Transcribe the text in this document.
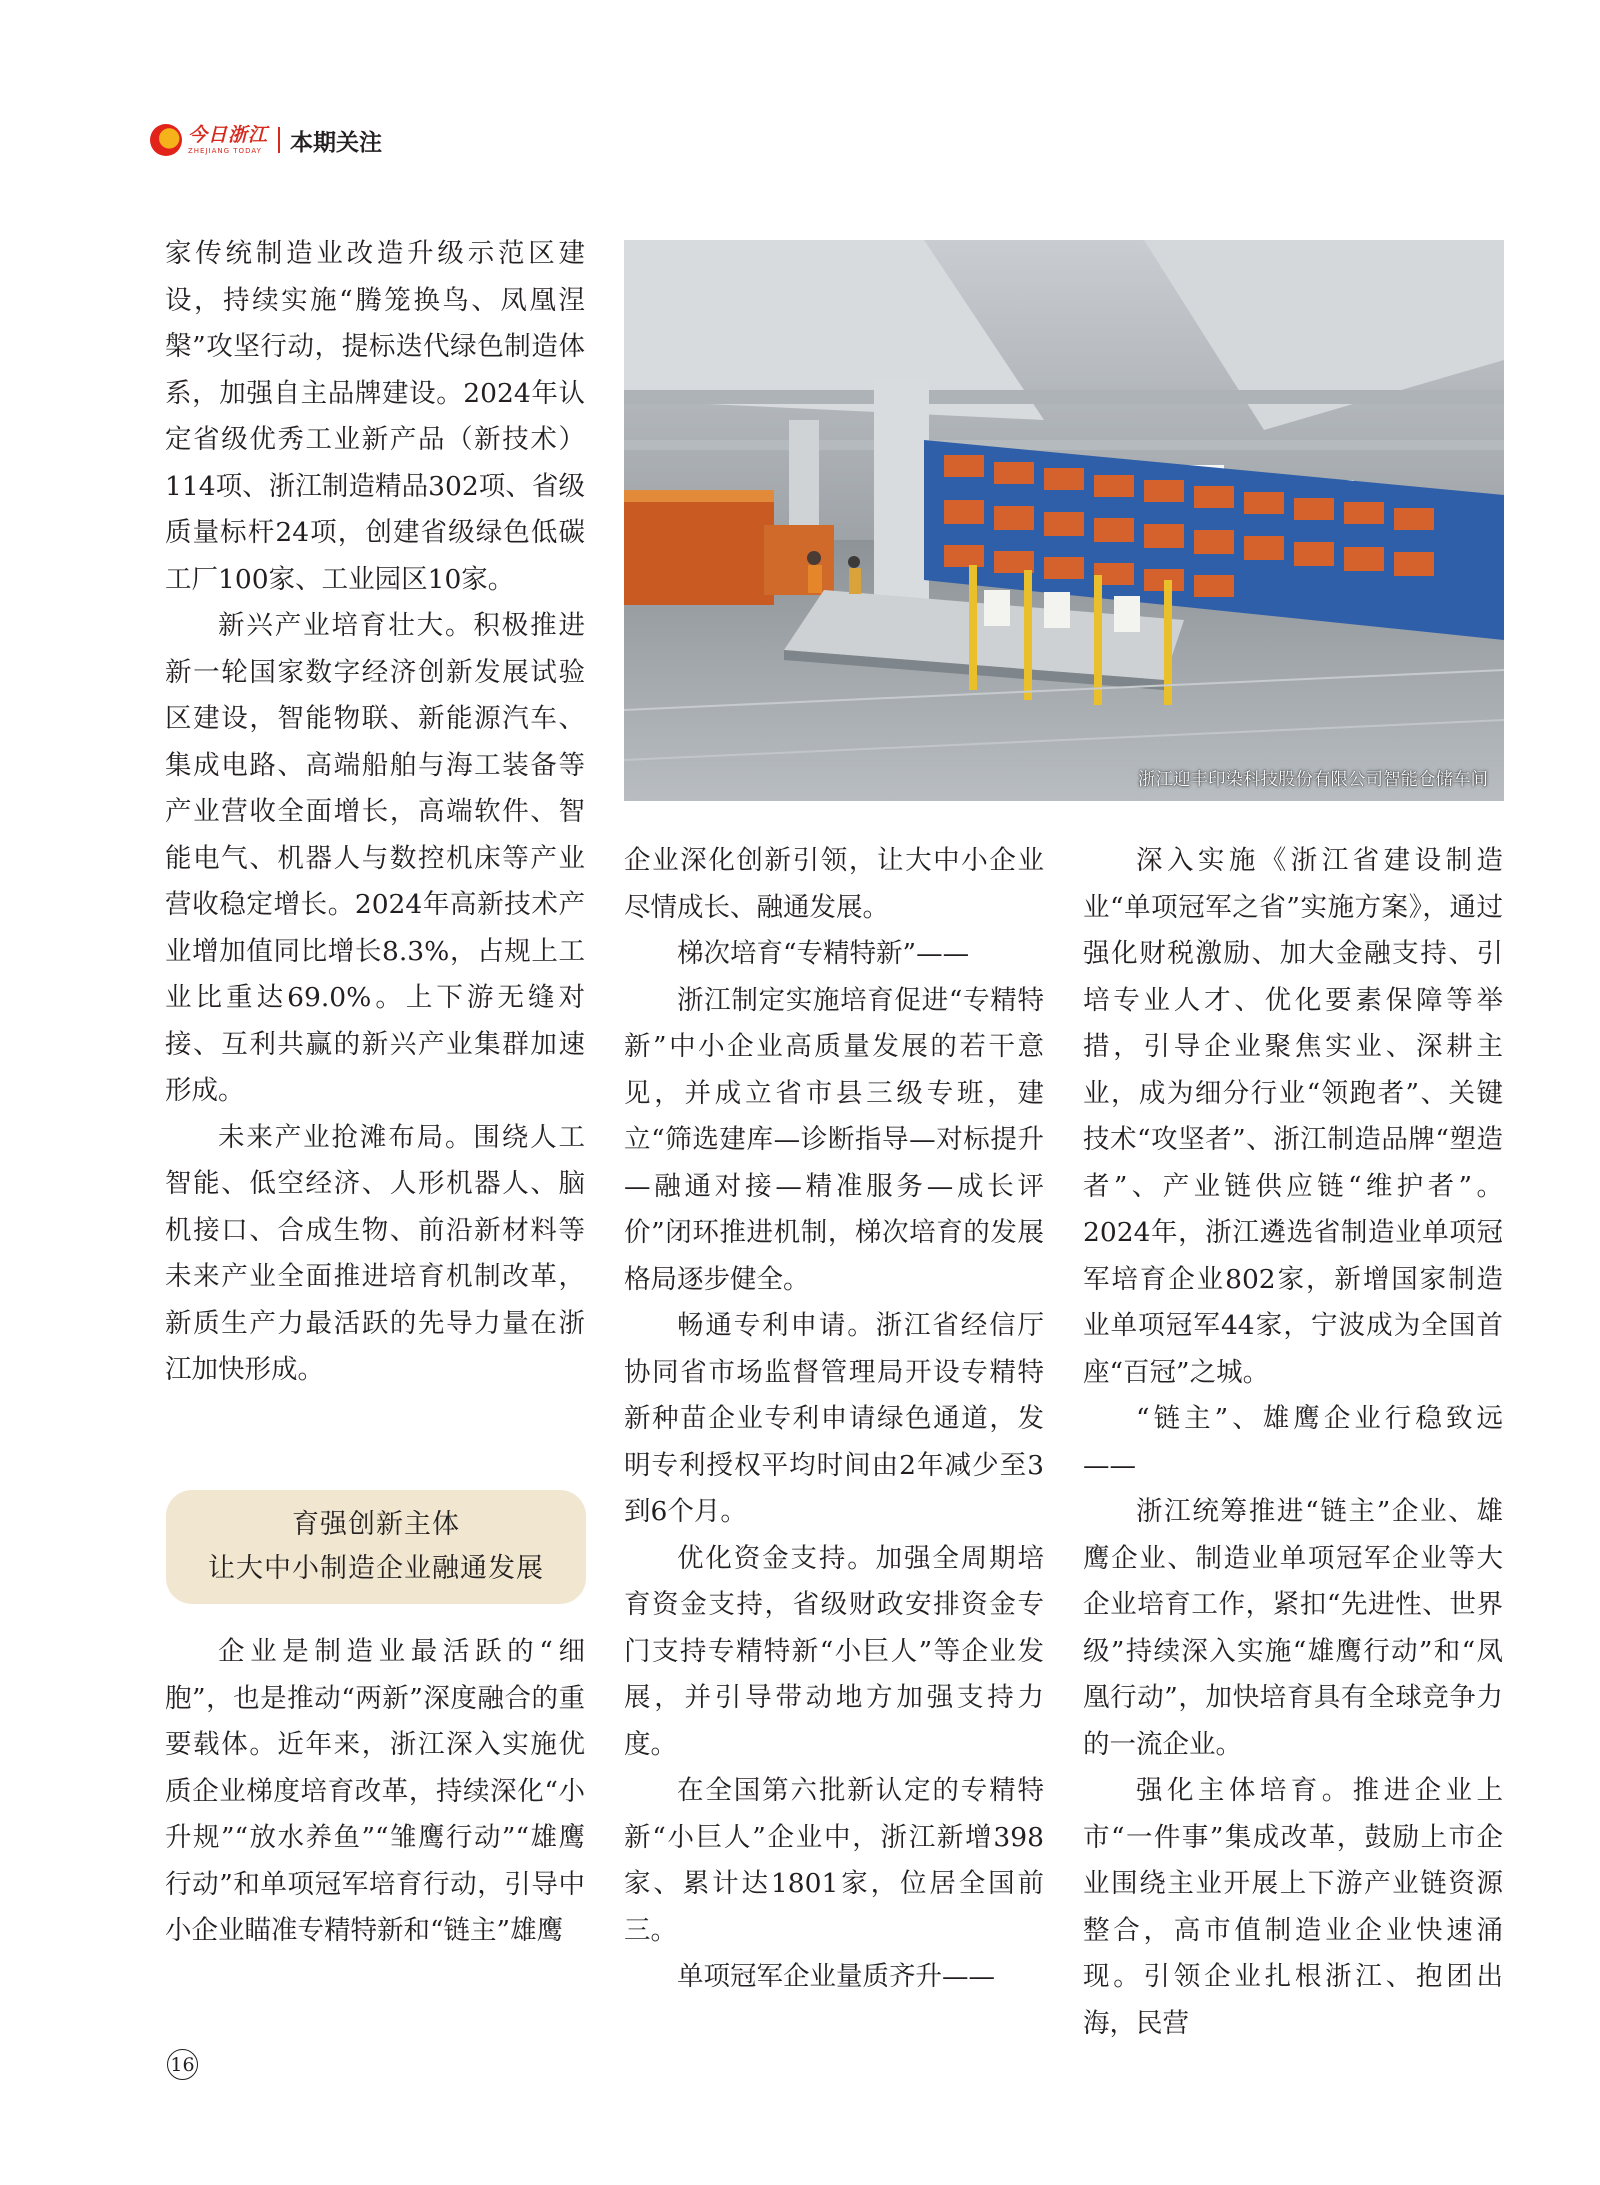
今日浙江
ZHEJIANG TODAY 本期关注

家传统制造业改造升级示范区建设，持续实施“腾笼换鸟、凤凰涅槃”攻坚行动，提标迭代绿色制造体系，加强自主品牌建设。2024年认定省级优秀工业新产品（新技术）114项、浙江制造精品302项、省级质量标杆24项，创建省级绿色低碳工厂100家、工业园区10家。

新兴产业培育壮大。积极推进新一轮国家数字经济创新发展试验区建设，智能物联、新能源汽车、集成电路、高端船舶与海工装备等产业营收全面增长，高端软件、智能电气、机器人与数控机床等产业营收稳定增长。2024年高新技术产业增加值同比增长8.3%，占规上工业比重达69.0%。上下游无缝对接、互利共赢的新兴产业集群加速形成。

未来产业抢滩布局。围绕人工智能、低空经济、人形机器人、脑机接口、合成生物、前沿新材料等未来产业全面推进培育机制改革，新质生产力最活跃的先导力量在浙江加快形成。

浙江迎丰印染科技股份有限公司智能仓储车间
育强创新主体
让大中小制造企业融通发展

企业是制造业最活跃的“细胞”，也是推动“两新”深度融合的重要载体。近年来，浙江深入实施优质企业梯度培育改革，持续深化“小升规”“放水养鱼”“雏鹰行动”“雄鹰行动”和单项冠军培育行动，引导中小企业瞄准专精特新和“链主”雄鹰

企业深化创新引领，让大中小企业尽情成长、融通发展。

梯次培育“专精特新”——

浙江制定实施培育促进“专精特新”中小企业高质量发展的若干意见，并成立省市县三级专班，建立“筛选建库—诊断指导—对标提升—融通对接—精准服务—成长评价”闭环推进机制，梯次培育的发展格局逐步健全。

畅通专利申请。浙江省经信厅协同省市场监督管理局开设专精特新种苗企业专利申请绿色通道，发明专利授权平均时间由2年减少至3到6个月。

优化资金支持。加强全周期培育资金支持，省级财政安排资金专门支持专精特新“小巨人”等企业发展，并引导带动地方加强支持力度。

在全国第六批新认定的专精特新“小巨人”企业中，浙江新增398家、累计达1801家，位居全国前三。

单项冠军企业量质齐升——

深入实施《浙江省建设制造业“单项冠军之省”实施方案》，通过强化财税激励、加大金融支持、引培专业人才、优化要素保障等举措，引导企业聚焦实业、深耕主业，成为细分行业“领跑者”、关键技术“攻坚者”、浙江制造品牌“塑造者”、产业链供应链“维护者”。2024年，浙江遴选省制造业单项冠军培育企业802家，新增国家制造业单项冠军44家，宁波成为全国首座“百冠”之城。

“链主”、雄鹰企业行稳致远——

浙江统筹推进“链主”企业、雄鹰企业、制造业单项冠军企业等大企业培育工作，紧扣“先进性、世界级”持续深入实施“雄鹰行动”和“凤凰行动”，加快培育具有全球竞争力的一流企业。

强化主体培育。推进企业上市“一件事”集成改革，鼓励上市企业围绕主业开展上下游产业链资源整合，高市值制造业企业快速涌现。引领企业扎根浙江、抱团出海，民营

16
